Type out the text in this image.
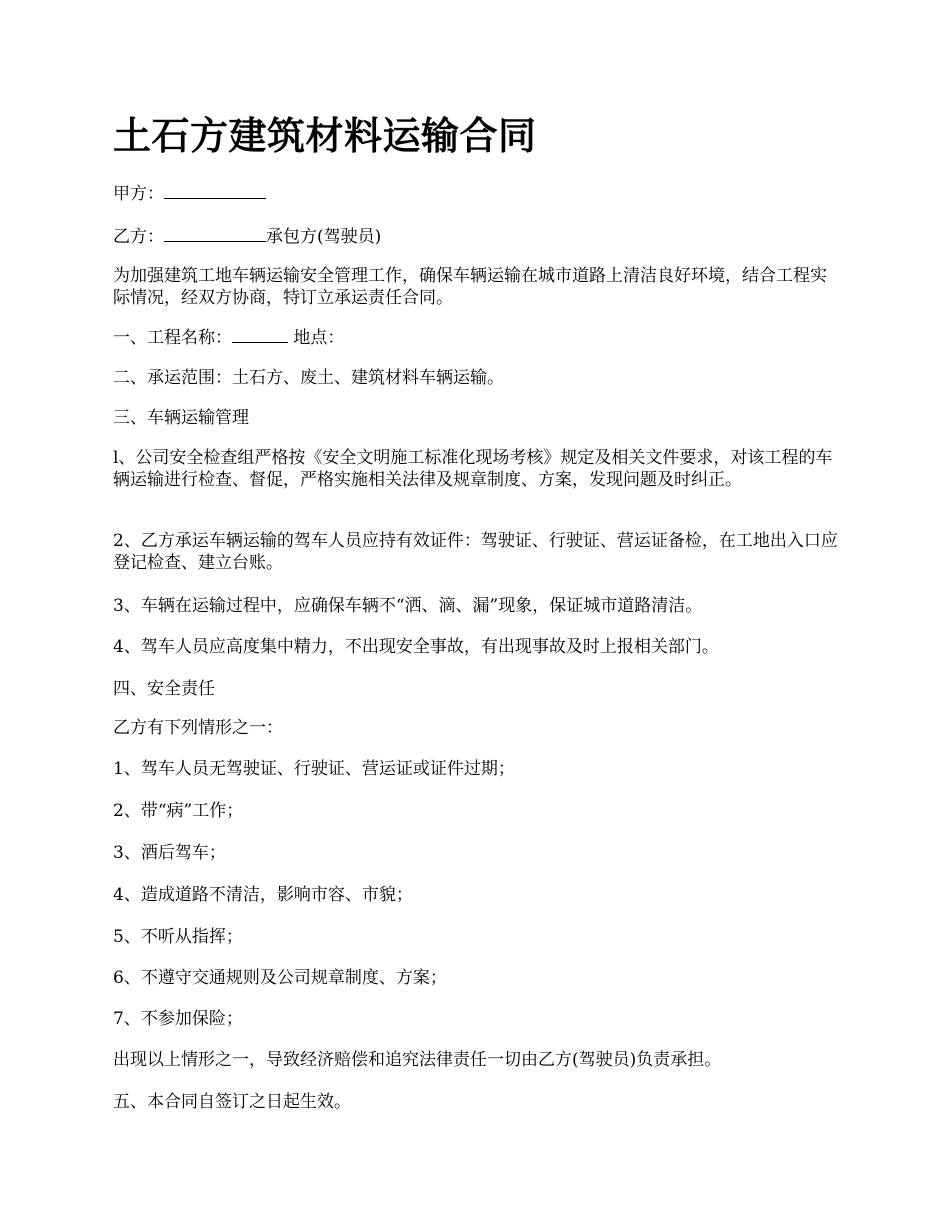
土石方建筑材料运输合同

甲方：

乙方：	承包方(驾驶员)

为加强建筑工地车辆运输安全管理工作，确保车辆运输在城市道路上清洁良好环境，结合工程实际情况，经双方协商，特订立承运责任合同。

一、工程名称：	地点：

二、承运范围：土石方、废土、建筑材料车辆运输。

三、车辆运输管理

l、公司安全检查组严格按《安全文明施工标准化现场考核》规定及相关文件要求，对该工程的车辆运输进行检查、督促，严格实施相关法律及规章制度、方案，发现问题及时纠正。

2、乙方承运车辆运输的驾车人员应持有效证件：驾驶证、行驶证、营运证备检，在工地出入口应登记检查、建立台账。

3、车辆在运输过程中，应确保车辆不“洒、滴、漏”现象，保证城市道路清洁。

4、驾车人员应高度集中精力，不出现安全事故，有出现事故及时上报相关部门。

四、安全责任

乙方有下列情形之一：

1、驾车人员无驾驶证、行驶证、营运证或证件过期；

2、带“病”工作；

3、酒后驾车；

4、造成道路不清洁，影响市容、市貌；

5、不听从指挥；

6、不遵守交通规则及公司规章制度、方案；

7、不参加保险；

出现以上情形之一，导致经济赔偿和追究法律责任一切由乙方(驾驶员)负责承担。

五、本合同自签订之日起生效。
